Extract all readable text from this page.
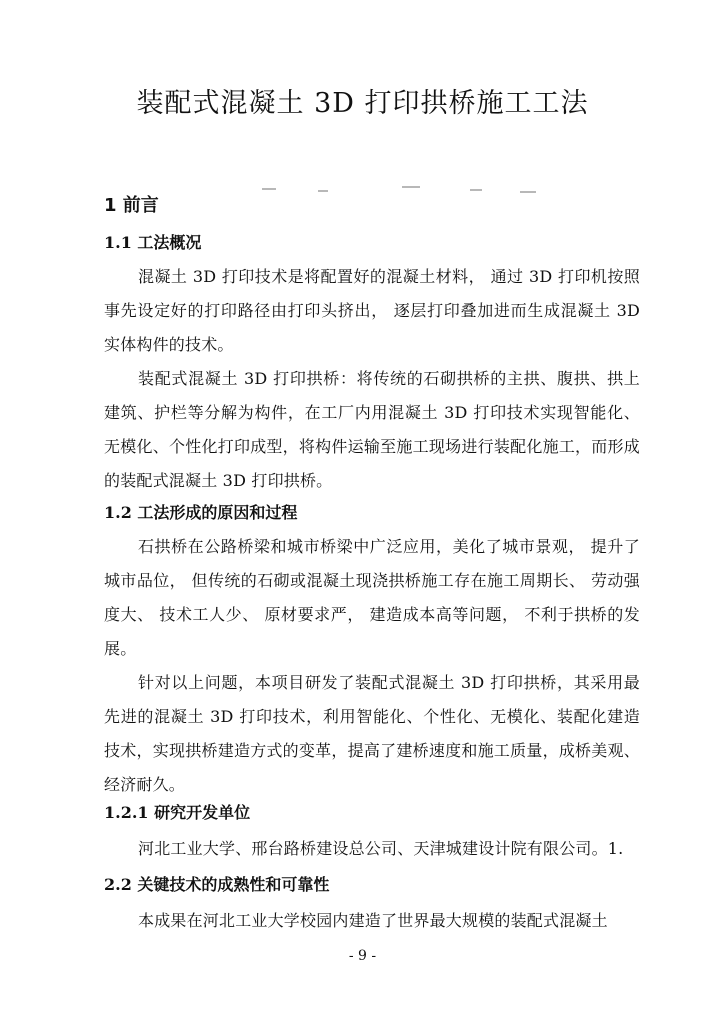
装配式混凝土 3D 打印拱桥施工工法
1 前言
1.1 工法概况

混凝土 3D 打印技术是将配置好的混凝土材料， 通过 3D 打印机按照事先设定好的打印路径由打印头挤出， 逐层打印叠加进而生成混凝土 3D 实体构件的技术。

装配式混凝土 3D 打印拱桥：将传统的石砌拱桥的主拱、腹拱、拱上建筑、护栏等分解为构件，在工厂内用混凝土 3D 打印技术实现智能化、无模化、个性化打印成型，将构件运输至施工现场进行装配化施工，而形成的装配式混凝土 3D 打印拱桥。

1.2 工法形成的原因和过程

石拱桥在公路桥梁和城市桥梁中广泛应用，美化了城市景观， 提升了城市品位， 但传统的石砌或混凝土现浇拱桥施工存在施工周期长、 劳动强度大、 技术工人少、 原材要求严， 建造成本高等问题， 不利于拱桥的发展。

针对以上问题，本项目研发了装配式混凝土 3D 打印拱桥，其采用最先进的混凝土 3D 打印技术，利用智能化、个性化、无模化、装配化建造技术，实现拱桥建造方式的变革，提高了建桥速度和施工质量，成桥美观、经济耐久。

1.2.1 研究开发单位

河北工业大学、邢台路桥建设总公司、天津城建设计院有限公司。1.

2.2 关键技术的成熟性和可靠性

本成果在河北工业大学校园内建造了世界最大规模的装配式混凝土

- 9 -
